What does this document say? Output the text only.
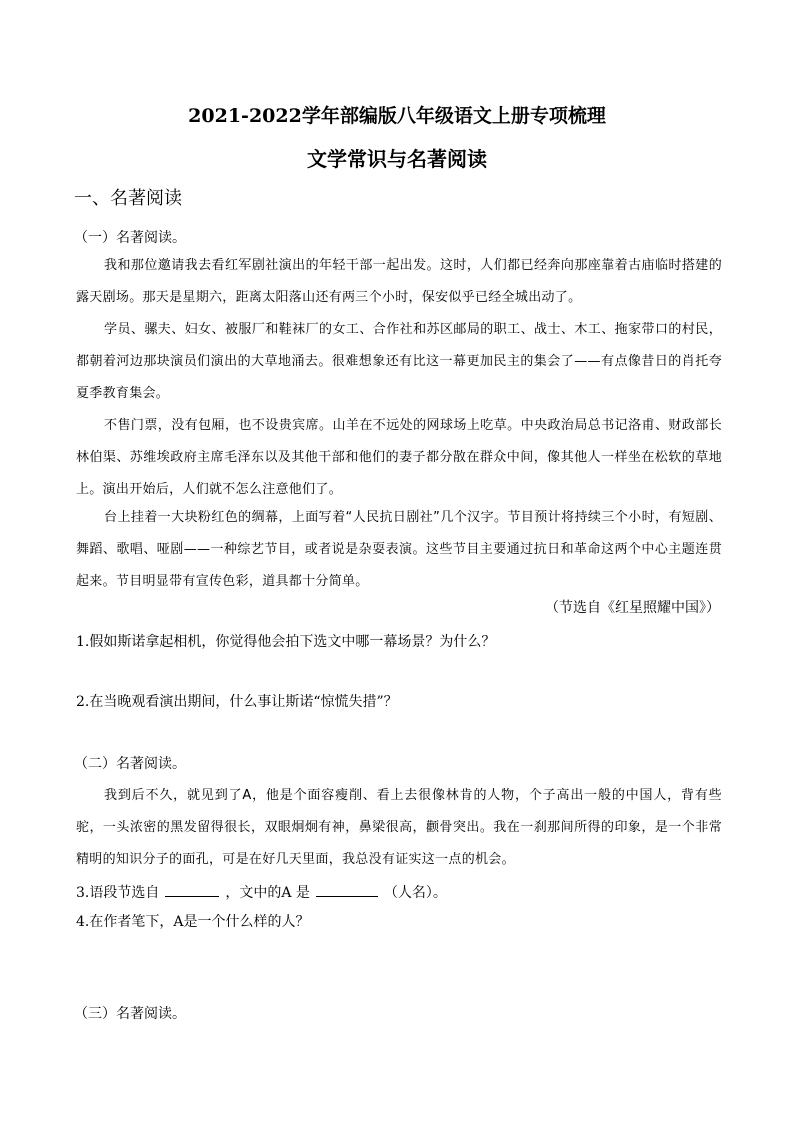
2021-2022学年部编版八年级语文上册专项梳理
文学常识与名著阅读
一、名著阅读
（一）名著阅读。
我和那位邀请我去看红军剧社演出的年轻干部一起出发。这时，人们都已经奔向那座靠着古庙临时搭建的露天剧场。那天是星期六，距离太阳落山还有两三个小时，保安似乎已经全城出动了。
学员、骡夫、妇女、被服厂和鞋袜厂的女工、合作社和苏区邮局的职工、战士、木工、拖家带口的村民，都朝着河边那块演员们演出的大草地涌去。很难想象还有比这一幕更加民主的集会了——有点像昔日的肖托夸夏季教育集会。
不售门票，没有包厢，也不设贵宾席。山羊在不远处的网球场上吃草。中央政治局总书记洛甫、财政部长林伯渠、苏维埃政府主席毛泽东以及其他干部和他们的妻子都分散在群众中间，像其他人一样坐在松软的草地上。演出开始后，人们就不怎么注意他们了。
台上挂着一大块粉红色的绸幕，上面写着“人民抗日剧社”几个汉字。节目预计将持续三个小时，有短剧、舞蹈、歌唱、哑剧——一种综艺节目，或者说是杂耍表演。这些节目主要通过抗日和革命这两个中心主题连贯起来。节目明显带有宣传色彩，道具都十分简单。
（节选自《红星照耀中国》）
1.假如斯诺拿起相机，你觉得他会拍下选文中哪一幕场景？为什么？
2.在当晚观看演出期间，什么事让斯诺“惊慌失措”？
（二）名著阅读。
我到后不久，就见到了A，他是个面容瘦削、看上去很像林肯的人物，个子高出一般的中国人，背有些驼，一头浓密的黑发留得很长，双眼炯炯有神，鼻梁很高，颧骨突出。我在一刹那间所得的印象，是一个非常精明的知识分子的面孔，可是在好几天里面，我总没有证实这一点的机会。
3.语段节选自	，文中的A 是	（人名）。
4.在作者笔下，A是一个什么样的人？
（三）名著阅读。
